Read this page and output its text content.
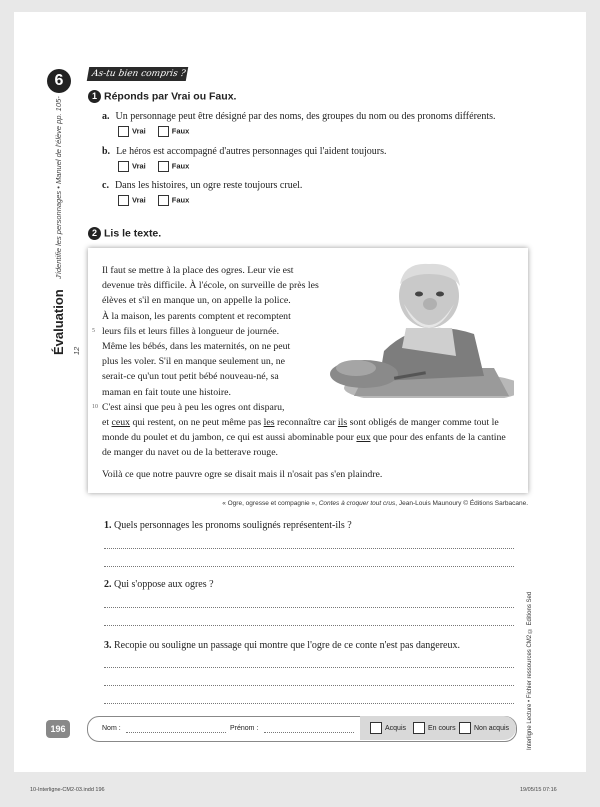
As-tu bien compris ?
6
Évaluation J'identifie les personnages • Manuel de l'élève pp. 105-12
1 Réponds par Vrai ou Faux.
a. Un personnage peut être désigné par des noms, des groupes du nom ou des pronoms différents.
Vrai	Faux
b. Le héros est accompagné d'autres personnages qui l'aident toujours.
Vrai	Faux
c. Dans les histoires, un ogre reste toujours cruel.
Vrai	Faux
2 Lis le texte.
Il faut se mettre à la place des ogres. Leur vie est
devenue très difficile. À l'école, on surveille de près les
élèves et s'il en manque un, on appelle la police.
À la maison, les parents comptent et recomptent
5 leurs fils et leurs filles à longueur de journée.
Même les bébés, dans les maternités, on ne peut
plus les voler. S'il en manque seulement un, ne
serait-ce qu'un tout petit bébé nouveau-né, sa
maman en fait toute une histoire.
10 C'est ainsi que peu à peu les ogres ont disparu,
et ceux qui restent, on ne peut même pas les reconnaître car ils sont obligés de manger comme tout le
monde du poulet et du jambon, ce qui est aussi abominable pour eux que pour des enfants de la cantine
de manger du navet ou de la betterave rouge.
Voilà ce que notre pauvre ogre se disait mais il n'osait pas s'en plaindre.
« Ogre, ogresse et compagnie », Contes à croquer tout crus, Jean-Louis Maunoury © Éditions Sarbacane.
1. Quels personnages les pronoms soulignés représentent-ils ?
2. Qui s'oppose aux ogres ?
3. Recopie ou souligne un passage qui montre que l'ogre de ce conte n'est pas dangereux.	Interligne Lecture • Fichier ressources CM2 © Éditions Sed
196	Nom :	Prénom :	Acquis	En cours	Non acquis
10-Interligne-CM2-03.indd 196	19/05/15 07:16
